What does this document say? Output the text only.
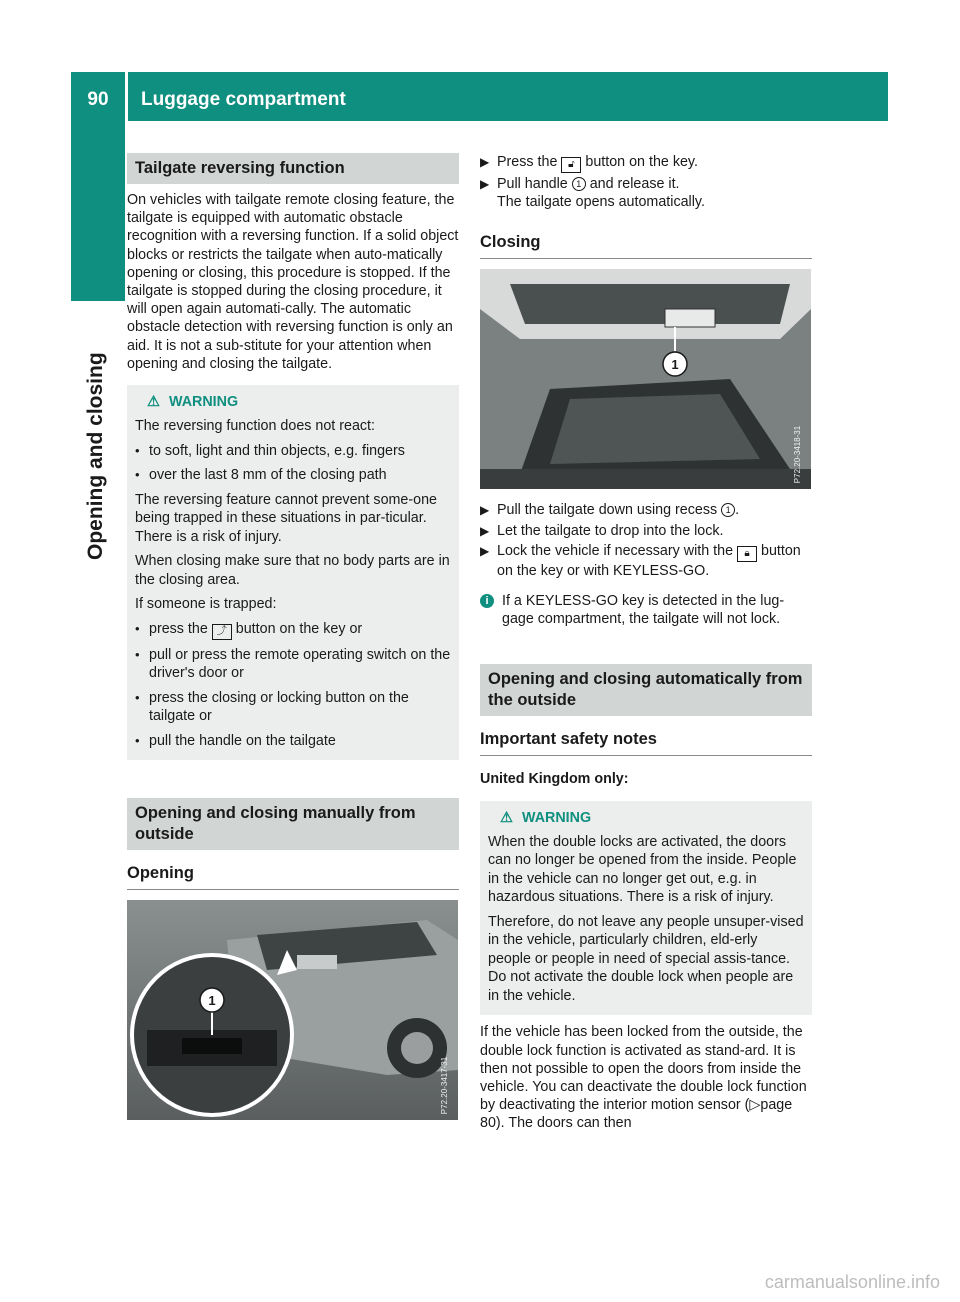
90	Luggage compartment
Opening and closing
Tailgate reversing function

On vehicles with tailgate remote closing feature, the tailgate is equipped with automatic obstacle recognition with a reversing function. If a solid object blocks or restricts the tailgate when auto-matically opening or closing, this procedure is stopped. If the tailgate is stopped during the closing procedure, it will open again automati-cally. The automatic obstacle detection with reversing function is only an aid. It is not a sub-stitute for your attention when opening and closing the tailgate.

⚠ WARNING

The reversing function does not react:

• to soft, light and thin objects, e.g. fingers
• over the last 8 mm of the closing path

The reversing feature cannot prevent some-one being trapped in these situations in par-ticular. There is a risk of injury.

When closing make sure that no body parts are in the closing area.

If someone is trapped:

• press the ⤴ button on the key or
• pull or press the remote operating switch on the driver's door or
• press the closing or locking button on the tailgate or
• pull the handle on the tailgate
Opening and closing manually from outside
Opening
1
P72.20-3417-31
▶ Press the 🔓︎ button on the key.
▶ Pull handle 1 and release it.
The tailgate opens automatically.
Closing
1
P72.20-3418-31
▶ Pull the tailgate down using recess 1 .
▶ Let the tailgate to drop into the lock.
▶ Lock the vehicle if necessary with the 🔒︎ button on the key or with KEYLESS-GO.
i If a KEYLESS-GO key is detected in the lug-gage compartment, the tailgate will not lock.
Opening and closing automatically from the outside
Important safety notes
United Kingdom only:
⚠ WARNING

When the double locks are activated, the doors can no longer be opened from the inside. People in the vehicle can no longer get out, e.g. in hazardous situations. There is a risk of injury.

Therefore, do not leave any people unsuper-vised in the vehicle, particularly children, eld-erly people or people in need of special assis-tance. Do not activate the double lock when people are in the vehicle.

If the vehicle has been locked from the outside, the double lock function is activated as stand-ard. It is then not possible to open the doors from inside the vehicle. You can deactivate the double lock function by deactivating the interior motion sensor (▷page 80). The doors can then

carmanualsonline.info
